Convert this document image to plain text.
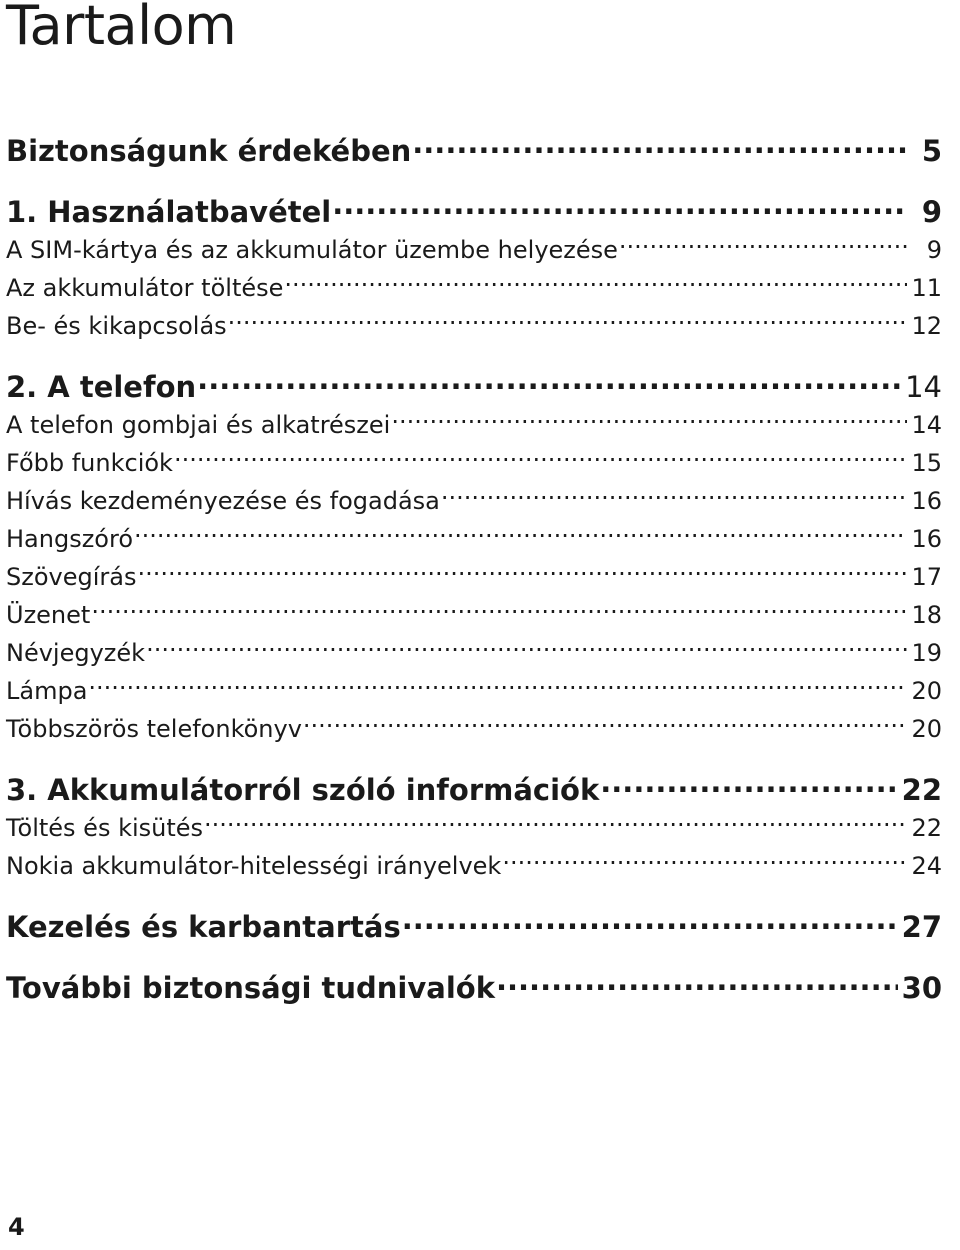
Tartalom
Biztonságunk érdekében .....	5
1. Használatbavétel .....	9
A SIM-kártya és az akkumulátor üzembe helyezése .....	9
Az akkumulátor töltése .....	11
Be- és kikapcsolás .....	12
2. A telefon .....	14
A telefon gombjai és alkatrészei .....	14
Főbb funkciók .....	15
Hívás kezdeményezése és fogadása .....	16
Hangszóró .....	16
Szövegírás .....	17
Üzenet .....	18
Névjegyzék .....	19
Lámpa .....	20
Többszörös telefonkönyv .....	20
3. Akkumulátorról szóló információk .....	22
Töltés és kisütés .....	22
Nokia akkumulátor-hitelességi irányelvek .....	24
Kezelés és karbantartás .....	27
További biztonsági tudnivalók .....	30
4
